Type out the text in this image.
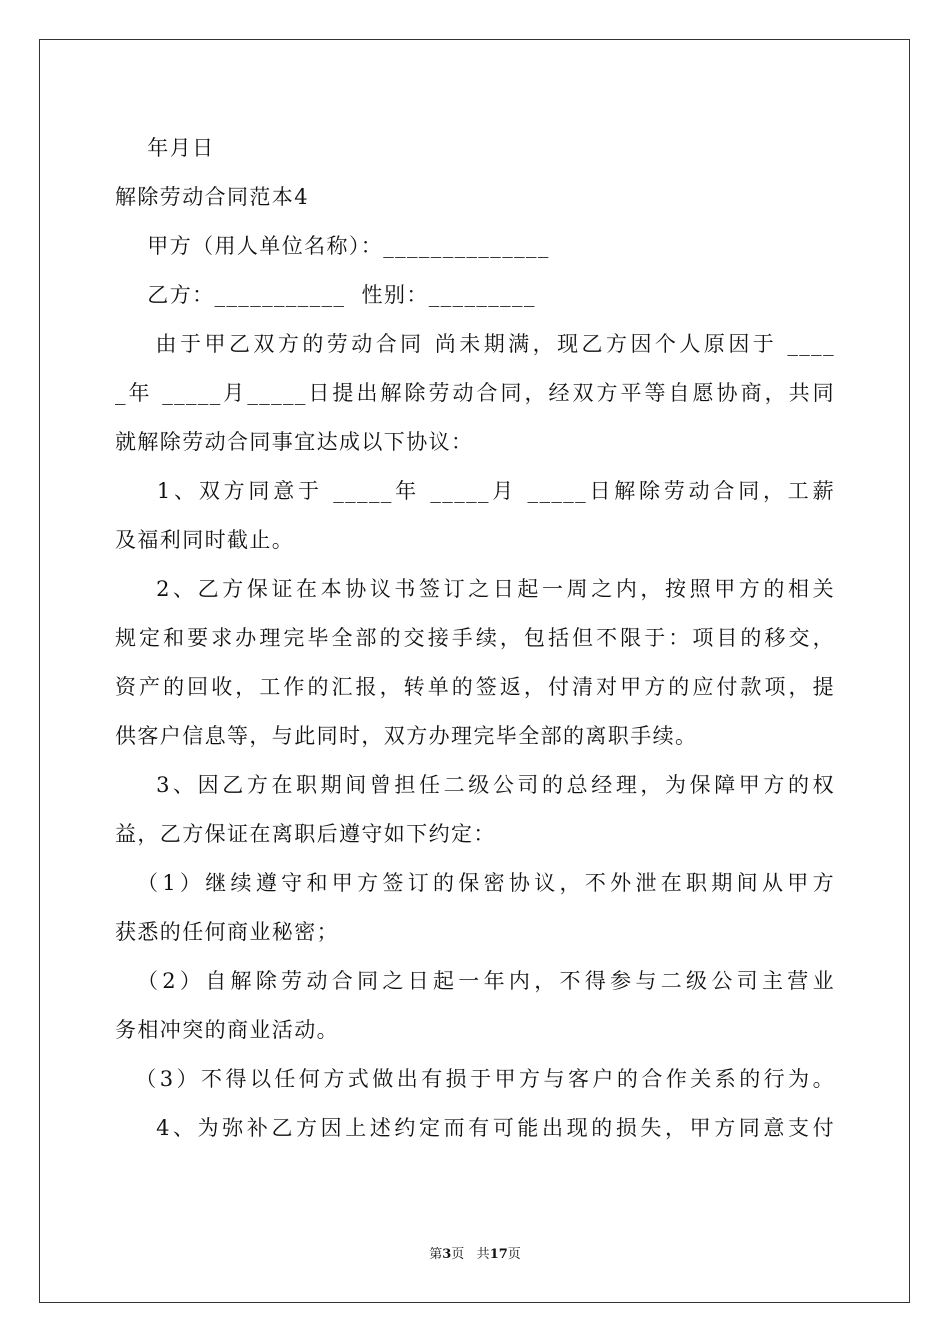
年月日
解除劳动合同范本4
甲方（用人单位名称）：______________
乙方：___________  性别：_________
由于甲乙双方的劳动合同 尚未期满，现乙方因个人原因于 ____
_年 _____月_____日提出解除劳动合同，经双方平等自愿协商，共同
就解除劳动合同事宜达成以下协议：
1、双方同意于 _____年 _____月 _____日解除劳动合同，工薪
及福利同时截止。
2、乙方保证在本协议书签订之日起一周之内，按照甲方的相关
规定和要求办理完毕全部的交接手续，包括但不限于：项目的移交，
资产的回收，工作的汇报，转单的签返，付清对甲方的应付款项，提
供客户信息等，与此同时，双方办理完毕全部的离职手续。
3、因乙方在职期间曾担任二级公司的总经理，为保障甲方的权
益，乙方保证在离职后遵守如下约定：
（1）继续遵守和甲方签订的保密协议，不外泄在职期间从甲方
获悉的任何商业秘密；
（2）自解除劳动合同之日起一年内，不得参与二级公司主营业
务相冲突的商业活动。
（3）不得以任何方式做出有损于甲方与客户的合作关系的行为。
4、为弥补乙方因上述约定而有可能出现的损失，甲方同意支付
第3页 共17页
